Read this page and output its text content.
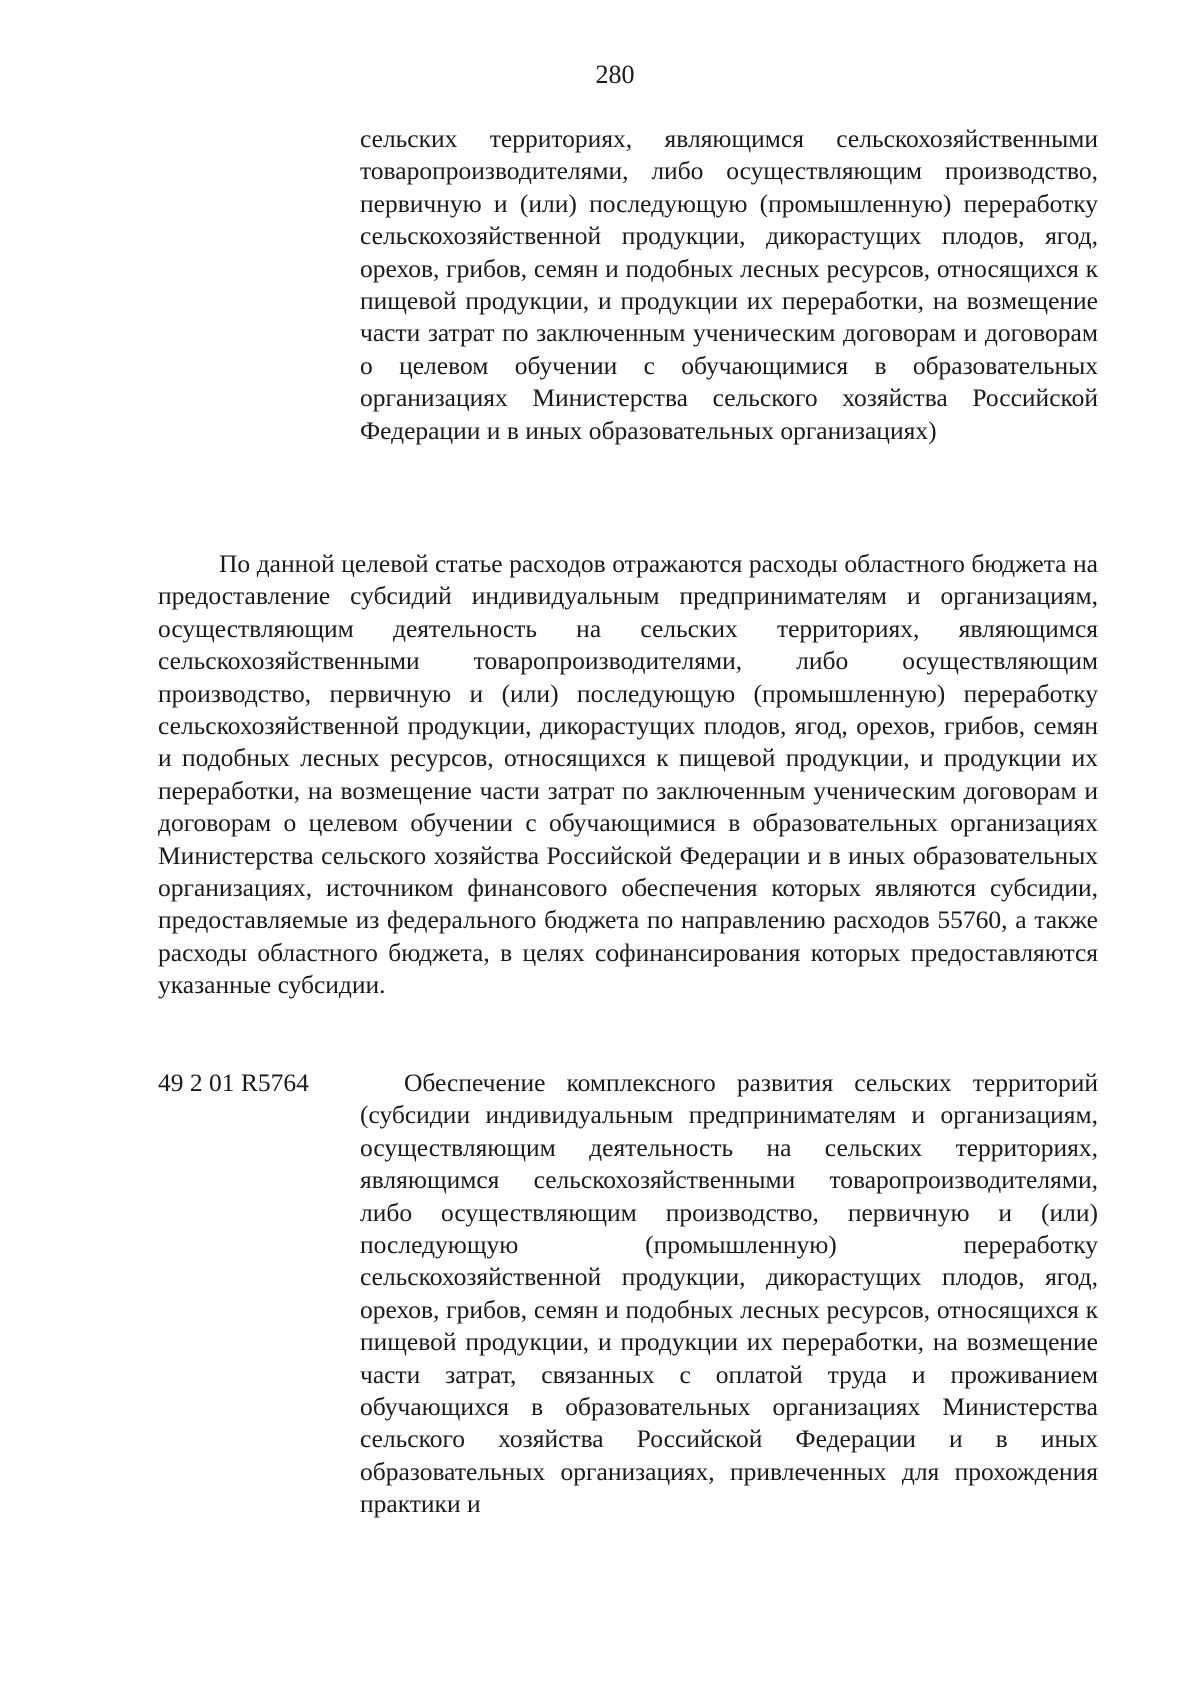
280
сельских территориях, являющимся сельскохозяйственными товаропроизводителями, либо осуществляющим производство, первичную и (или) последующую (промышленную) переработку сельскохозяйственной продукции, дикорастущих плодов, ягод, орехов, грибов, семян и подобных лесных ресурсов, относящихся к пищевой продукции, и продукции их переработки, на возмещение части затрат по заключенным ученическим договорам и договорам о целевом обучении с обучающимися в образовательных организациях Министерства сельского хозяйства Российской Федерации и в иных образовательных организациях)
По данной целевой статье расходов отражаются расходы областного бюджета на предоставление субсидий индивидуальным предпринимателям и организациям, осуществляющим деятельность на сельских территориях, являющимся сельскохозяйственными товаропроизводителями, либо осуществляющим производство, первичную и (или) последующую (промышленную) переработку сельскохозяйственной продукции, дикорастущих плодов, ягод, орехов, грибов, семян и подобных лесных ресурсов, относящихся к пищевой продукции, и продукции их переработки, на возмещение части затрат по заключенным ученическим договорам и договорам о целевом обучении с обучающимися в образовательных организациях Министерства сельского хозяйства Российской Федерации и в иных образовательных организациях, источником финансового обеспечения которых являются субсидии, предоставляемые из федерального бюджета по направлению расходов 55760, а также расходы областного бюджета, в целях софинансирования которых предоставляются указанные субсидии.
49 2 01 R5764	Обеспечение комплексного развития сельских территорий (субсидии индивидуальным предпринимателям и организациям, осуществляющим деятельность на сельских территориях, являющимся сельскохозяйственными товаропроизводителями, либо осуществляющим производство, первичную и (или) последующую (промышленную) переработку сельскохозяйственной продукции, дикорастущих плодов, ягод, орехов, грибов, семян и подобных лесных ресурсов, относящихся к пищевой продукции, и продукции их переработки, на возмещение части затрат, связанных с оплатой труда и проживанием обучающихся в образовательных организациях Министерства сельского хозяйства Российской Федерации и в иных образовательных организациях, привлеченных для прохождения практики и
